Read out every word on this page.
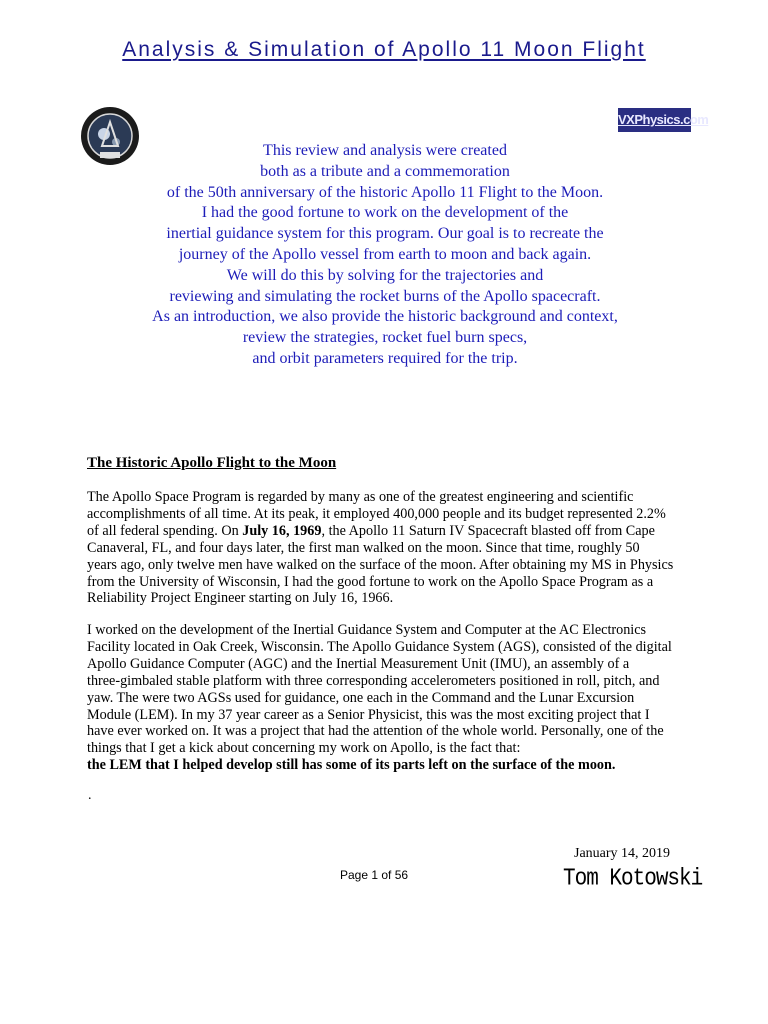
Analysis & Simulation of Apollo 11 Moon Flight
VXPhysics.com
This review and analysis were created
both as a tribute and a commemoration
of the 50th anniversary of the historic Apollo 11 Flight to the Moon.
I had the good fortune to work on the development of the
inertial guidance system for this program. Our goal is to recreate the
journey of the Apollo vessel from earth to moon and back again.
We will do this by solving for the trajectories and
reviewing and simulating the rocket burns of the Apollo spacecraft.
As an introduction, we also provide the historic background and context,
review the strategies, rocket fuel burn specs,
and orbit parameters required for the trip.
The Historic Apollo Flight to the Moon
The Apollo Space Program is regarded by many as one of the greatest engineering and scientific
accomplishments of all time. At its peak, it employed 400,000 people and its budget represented 2.2%
of all federal spending. On July 16, 1969, the Apollo 11 Saturn IV Spacecraft blasted off from Cape
Canaveral, FL, and four days later, the first man walked on the moon. Since that time, roughly 50
years ago, only twelve men have walked on the surface of the moon. After obtaining my MS in Physics
from the University of Wisconsin, I had the good fortune to work on the Apollo Space Program as a
Reliability Project Engineer starting on July 16, 1966.
I worked on the development of the Inertial Guidance System and Computer at the AC Electronics
Facility located in Oak Creek, Wisconsin. The Apollo Guidance System (AGS), consisted of the digital
Apollo Guidance Computer (AGC) and the Inertial Measurement Unit (IMU), an assembly of a
three-gimbaled stable platform with three corresponding accelerometers positioned in roll, pitch, and
yaw. The were two AGSs used for guidance, one each in the Command and the Lunar Excursion
Module (LEM). In my 37 year career as a Senior Physicist, this was the most exciting project that I
have ever worked on. It was a project that had the attention of the whole world. Personally, one of the
things that I get a kick about concerning my work on Apollo, is the fact that:
the LEM that I helped develop still has some of its parts left on the surface of the moon.
.
January 14, 2019
Page 1 of 56	Tom Kotowski
